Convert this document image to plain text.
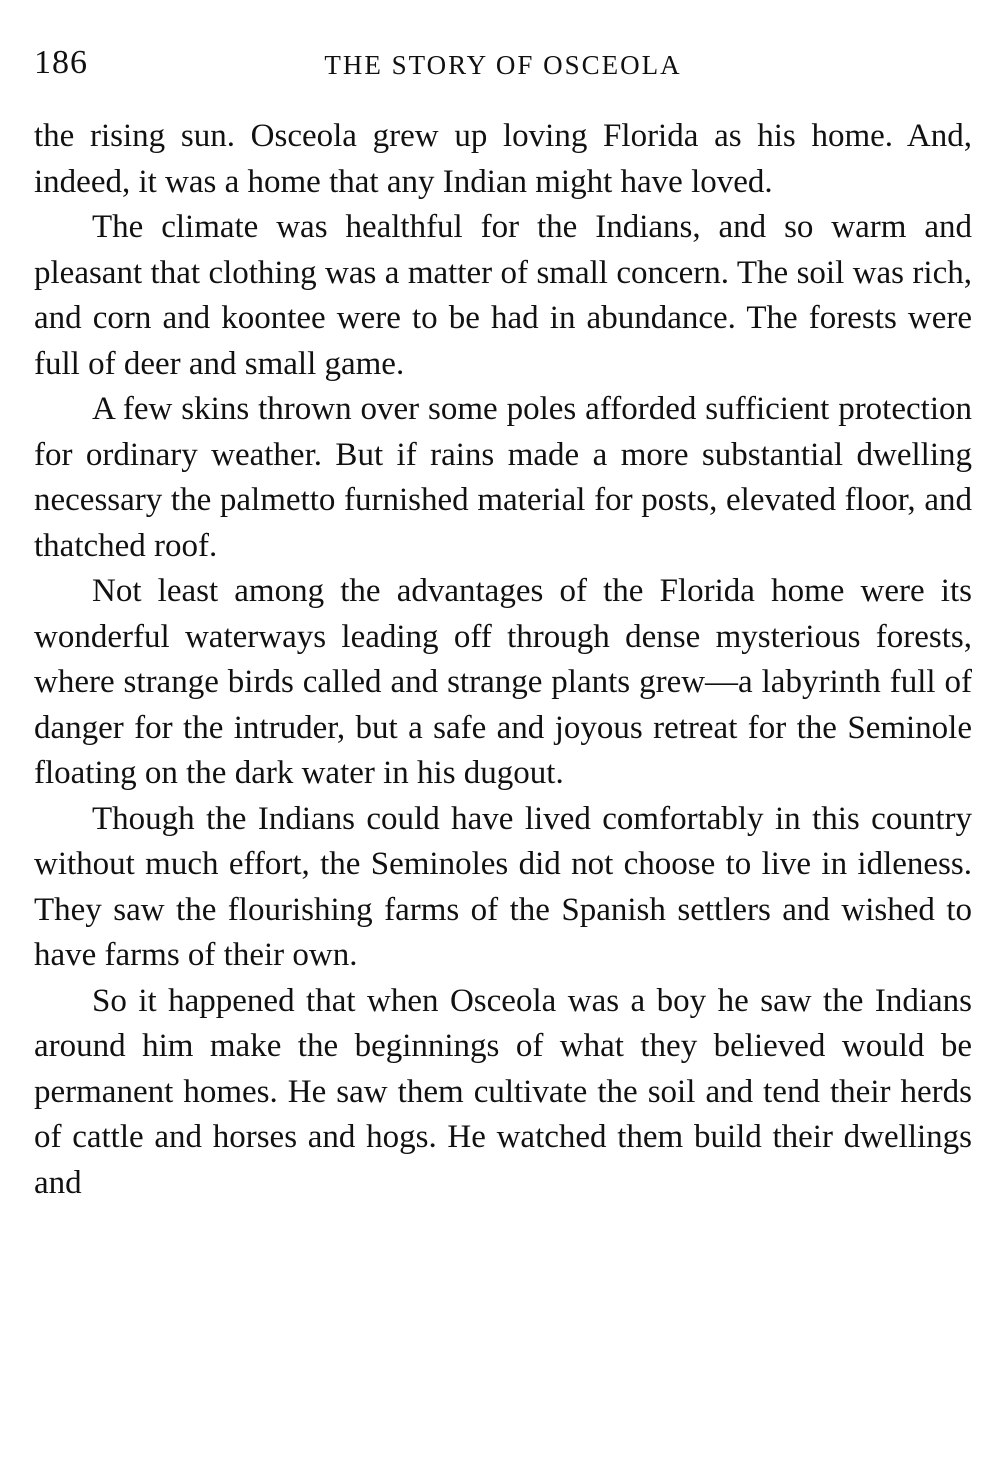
186	THE STORY OF OSCEOLA

the rising sun. Osceola grew up loving Florida as his home. And, indeed, it was a home that any Indian might have loved.

The climate was healthful for the Indians, and so warm and pleasant that clothing was a matter of small concern. The soil was rich, and corn and koontee were to be had in abundance. The forests were full of deer and small game.

A few skins thrown over some poles afforded sufficient protection for ordinary weather. But if rains made a more substantial dwelling necessary the palmetto furnished material for posts, elevated floor, and thatched roof.

Not least among the advantages of the Florida home were its wonderful waterways leading off through dense mysterious forests, where strange birds called and strange plants grew—a labyrinth full of danger for the intruder, but a safe and joyous retreat for the Seminole floating on the dark water in his dugout.

Though the Indians could have lived comfortably in this country without much effort, the Seminoles did not choose to live in idleness. They saw the flourishing farms of the Spanish settlers and wished to have farms of their own.

So it happened that when Osceola was a boy he saw the Indians around him make the beginnings of what they believed would be permanent homes. He saw them cultivate the soil and tend their herds of cattle and horses and hogs. He watched them build their dwellings and
